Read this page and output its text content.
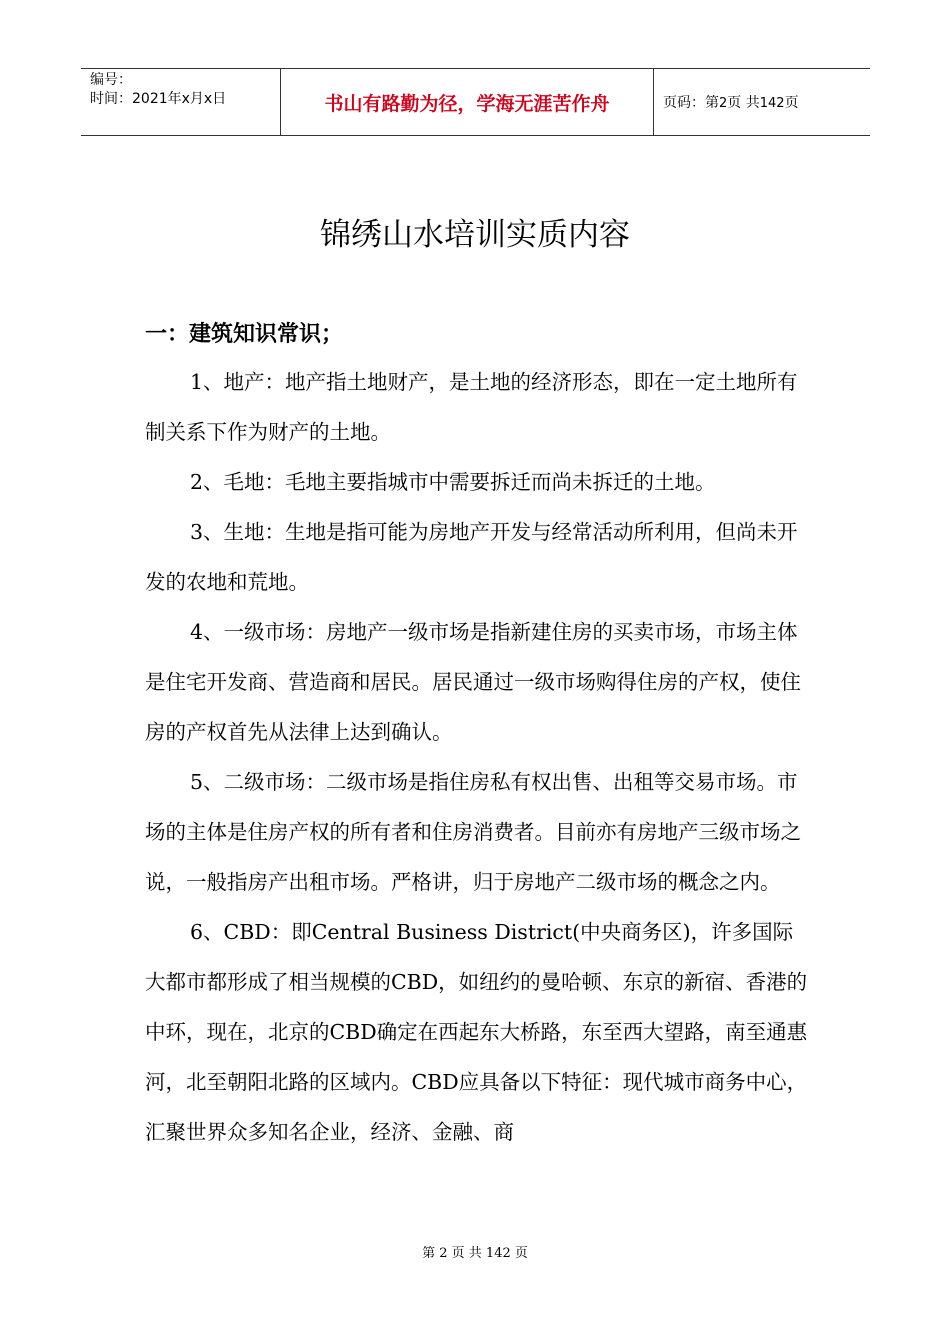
编号：
时间：2021年x月x日	书山有路勤为径，学海无涯苦作舟	页码：第2页 共142页
锦绣山水培训实质内容
一：建筑知识常识；

1、地产：地产指土地财产，是土地的经济形态，即在一定土地所有制关系下作为财产的土地。

2、毛地：毛地主要指城市中需要拆迁而尚未拆迁的土地。

3、生地：生地是指可能为房地产开发与经常活动所利用，但尚未开发的农地和荒地。

4、一级市场：房地产一级市场是指新建住房的买卖市场，市场主体是住宅开发商、营造商和居民。居民通过一级市场购得住房的产权，使住房的产权首先从法律上达到确认。

5、二级市场：二级市场是指住房私有权出售、出租等交易市场。市场的主体是住房产权的所有者和住房消费者。目前亦有房地产三级市场之说，一般指房产出租市场。严格讲，归于房地产二级市场的概念之内。

6、CBD：即Central Business District(中央商务区)，许多国际大都市都形成了相当规模的CBD，如纽约的曼哈顿、东京的新宿、香港的中环，现在，北京的CBD确定在西起东大桥路，东至西大望路，南至通惠河，北至朝阳北路的区域内。CBD应具备以下特征：现代城市商务中心，汇聚世界众多知名企业，经济、金融、商

第 2 页 共 142 页
